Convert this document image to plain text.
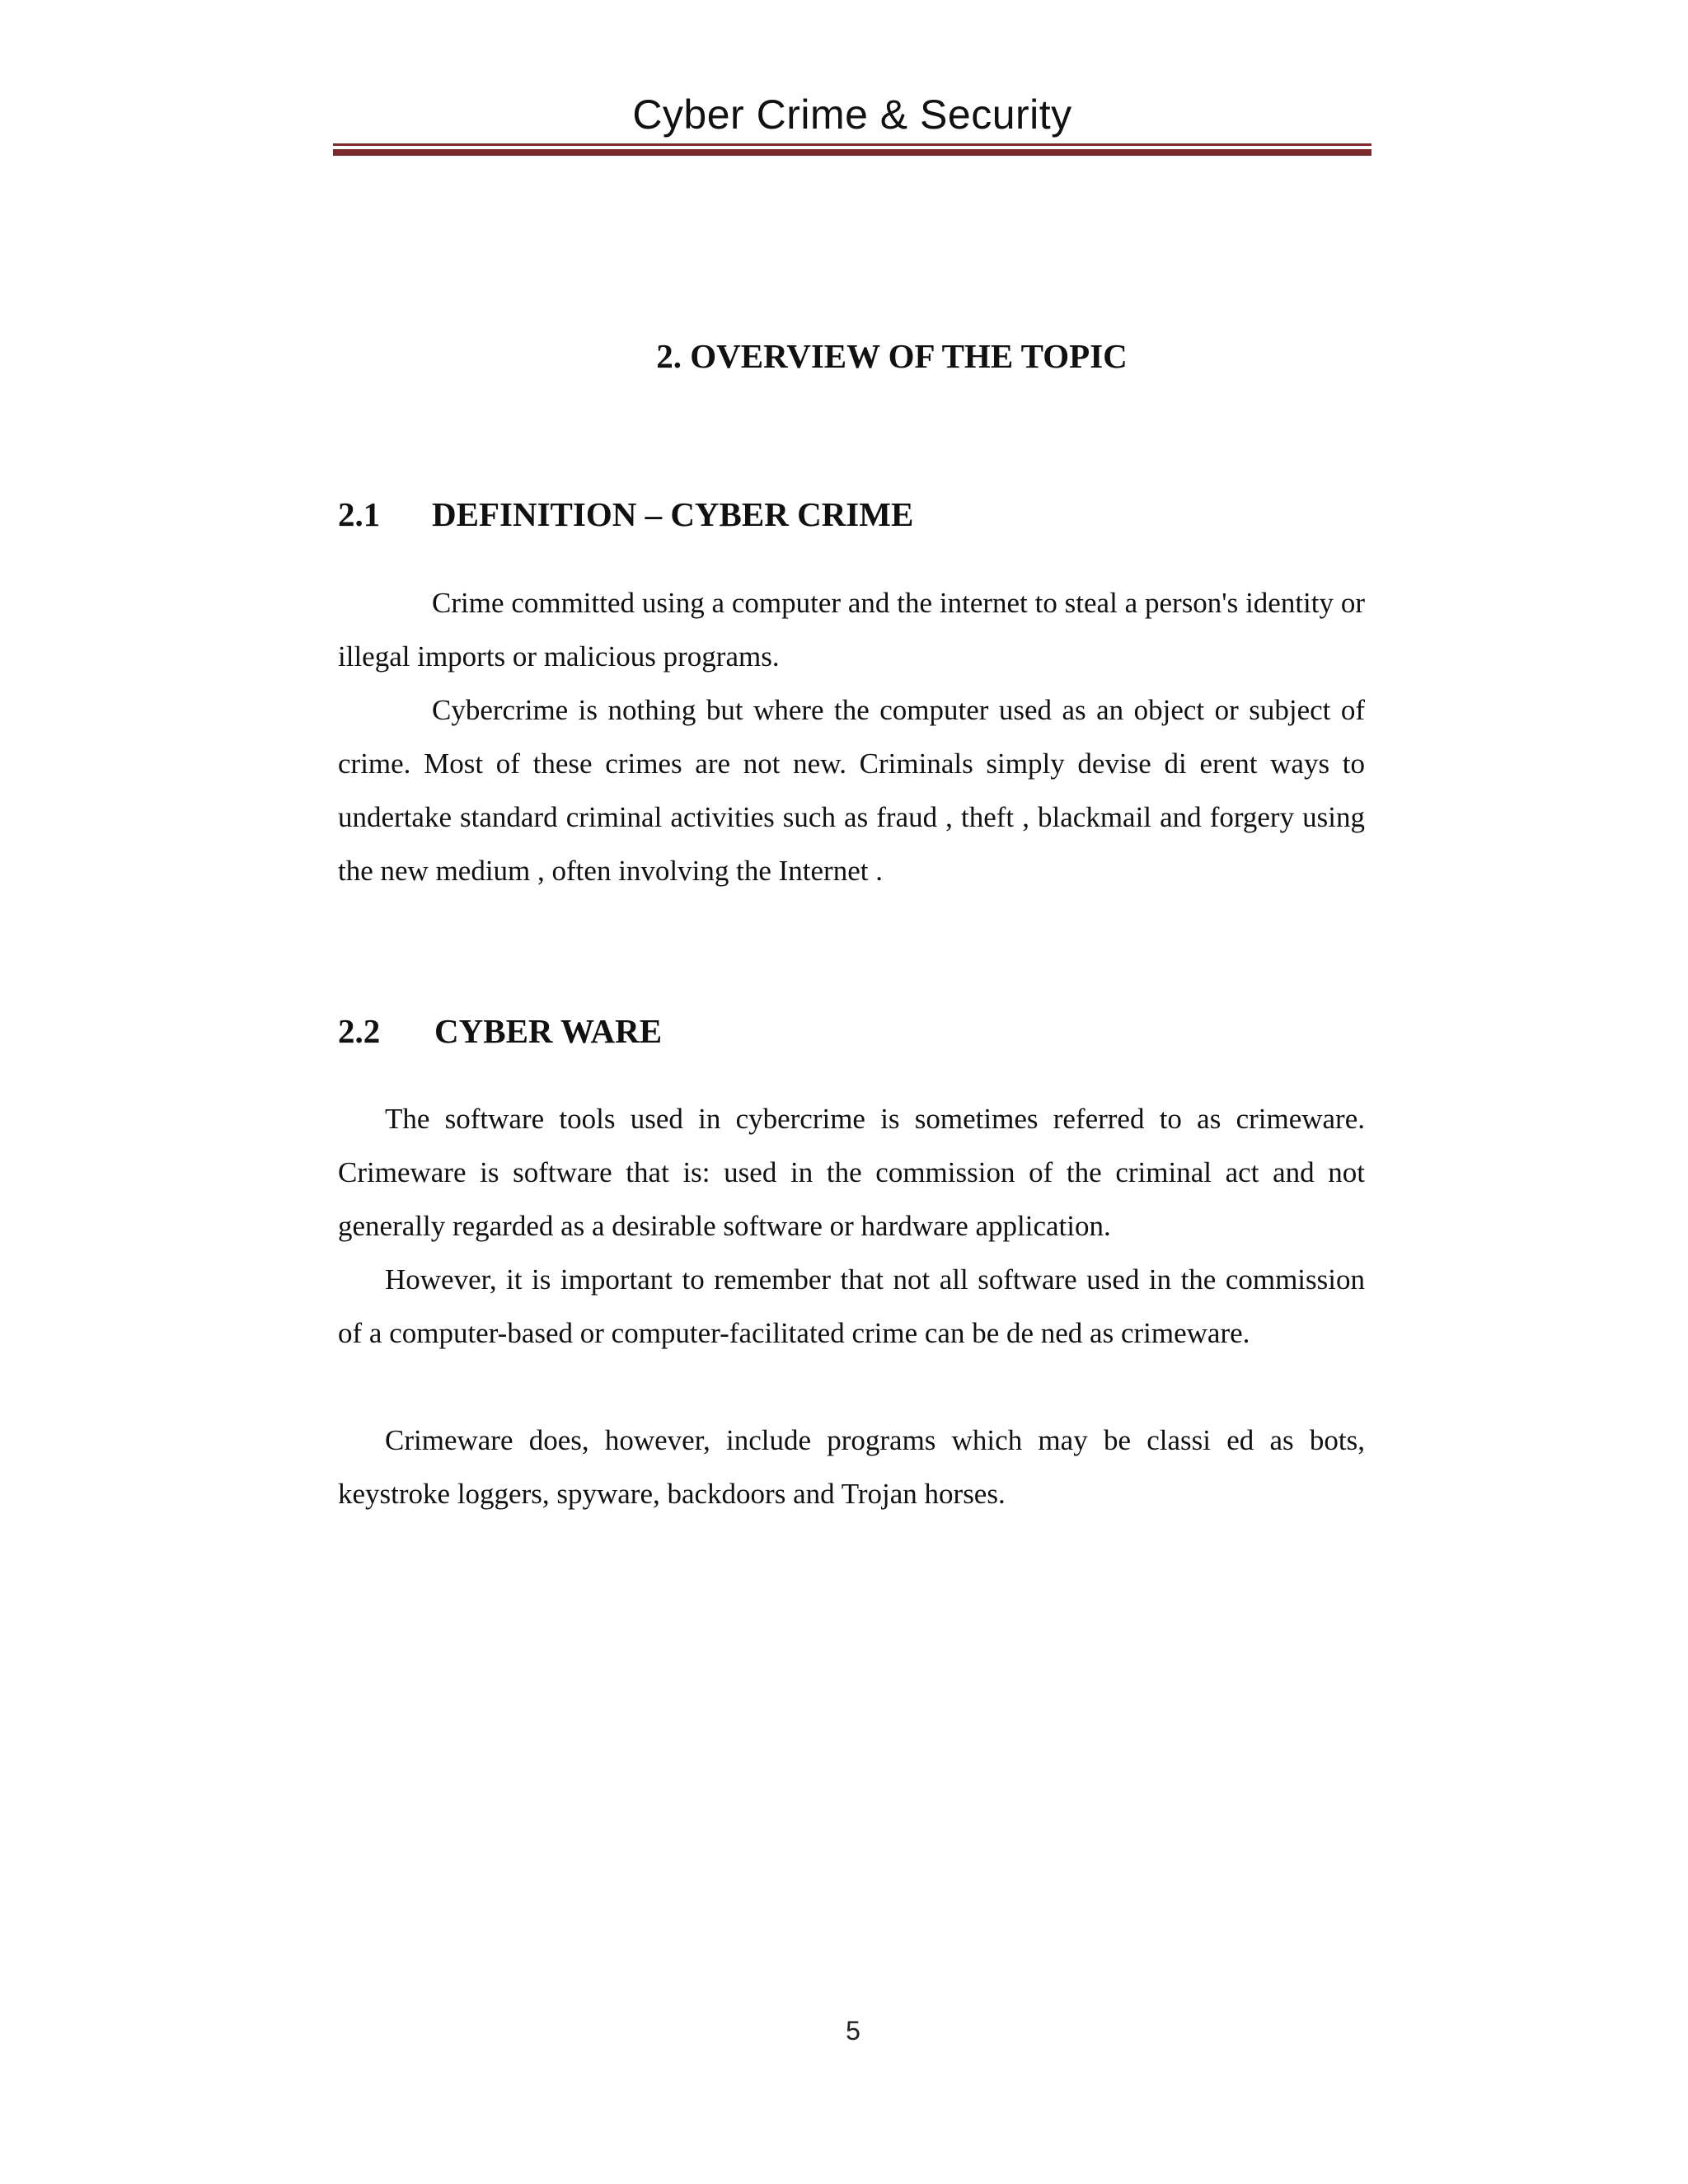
Cyber Crime & Security
2. OVERVIEW OF THE TOPIC
2.1 DEFINITION – CYBER CRIME

Crime committed using a computer and the internet to steal a person's identity or illegal imports or malicious programs.

Cybercrime is nothing but where the computer used as an object or subject of crime. Most of these crimes are not new. Criminals simply devise di erent ways to undertake standard criminal activities such as fraud , theft , blackmail and forgery using the new medium , often involving the Internet .

2.2 CYBER WARE

The software tools used in cybercrime is sometimes referred to as crimeware. Crimeware is software that is: used in the commission of the criminal act and not generally regarded as a desirable software or hardware application.

However, it is important to remember that not all software used in the commission of a computer-based or computer-facilitated crime can be de ned as crimeware.

Crimeware does, however, include programs which may be classi ed as bots, keystroke loggers, spyware, backdoors and Trojan horses.

5
